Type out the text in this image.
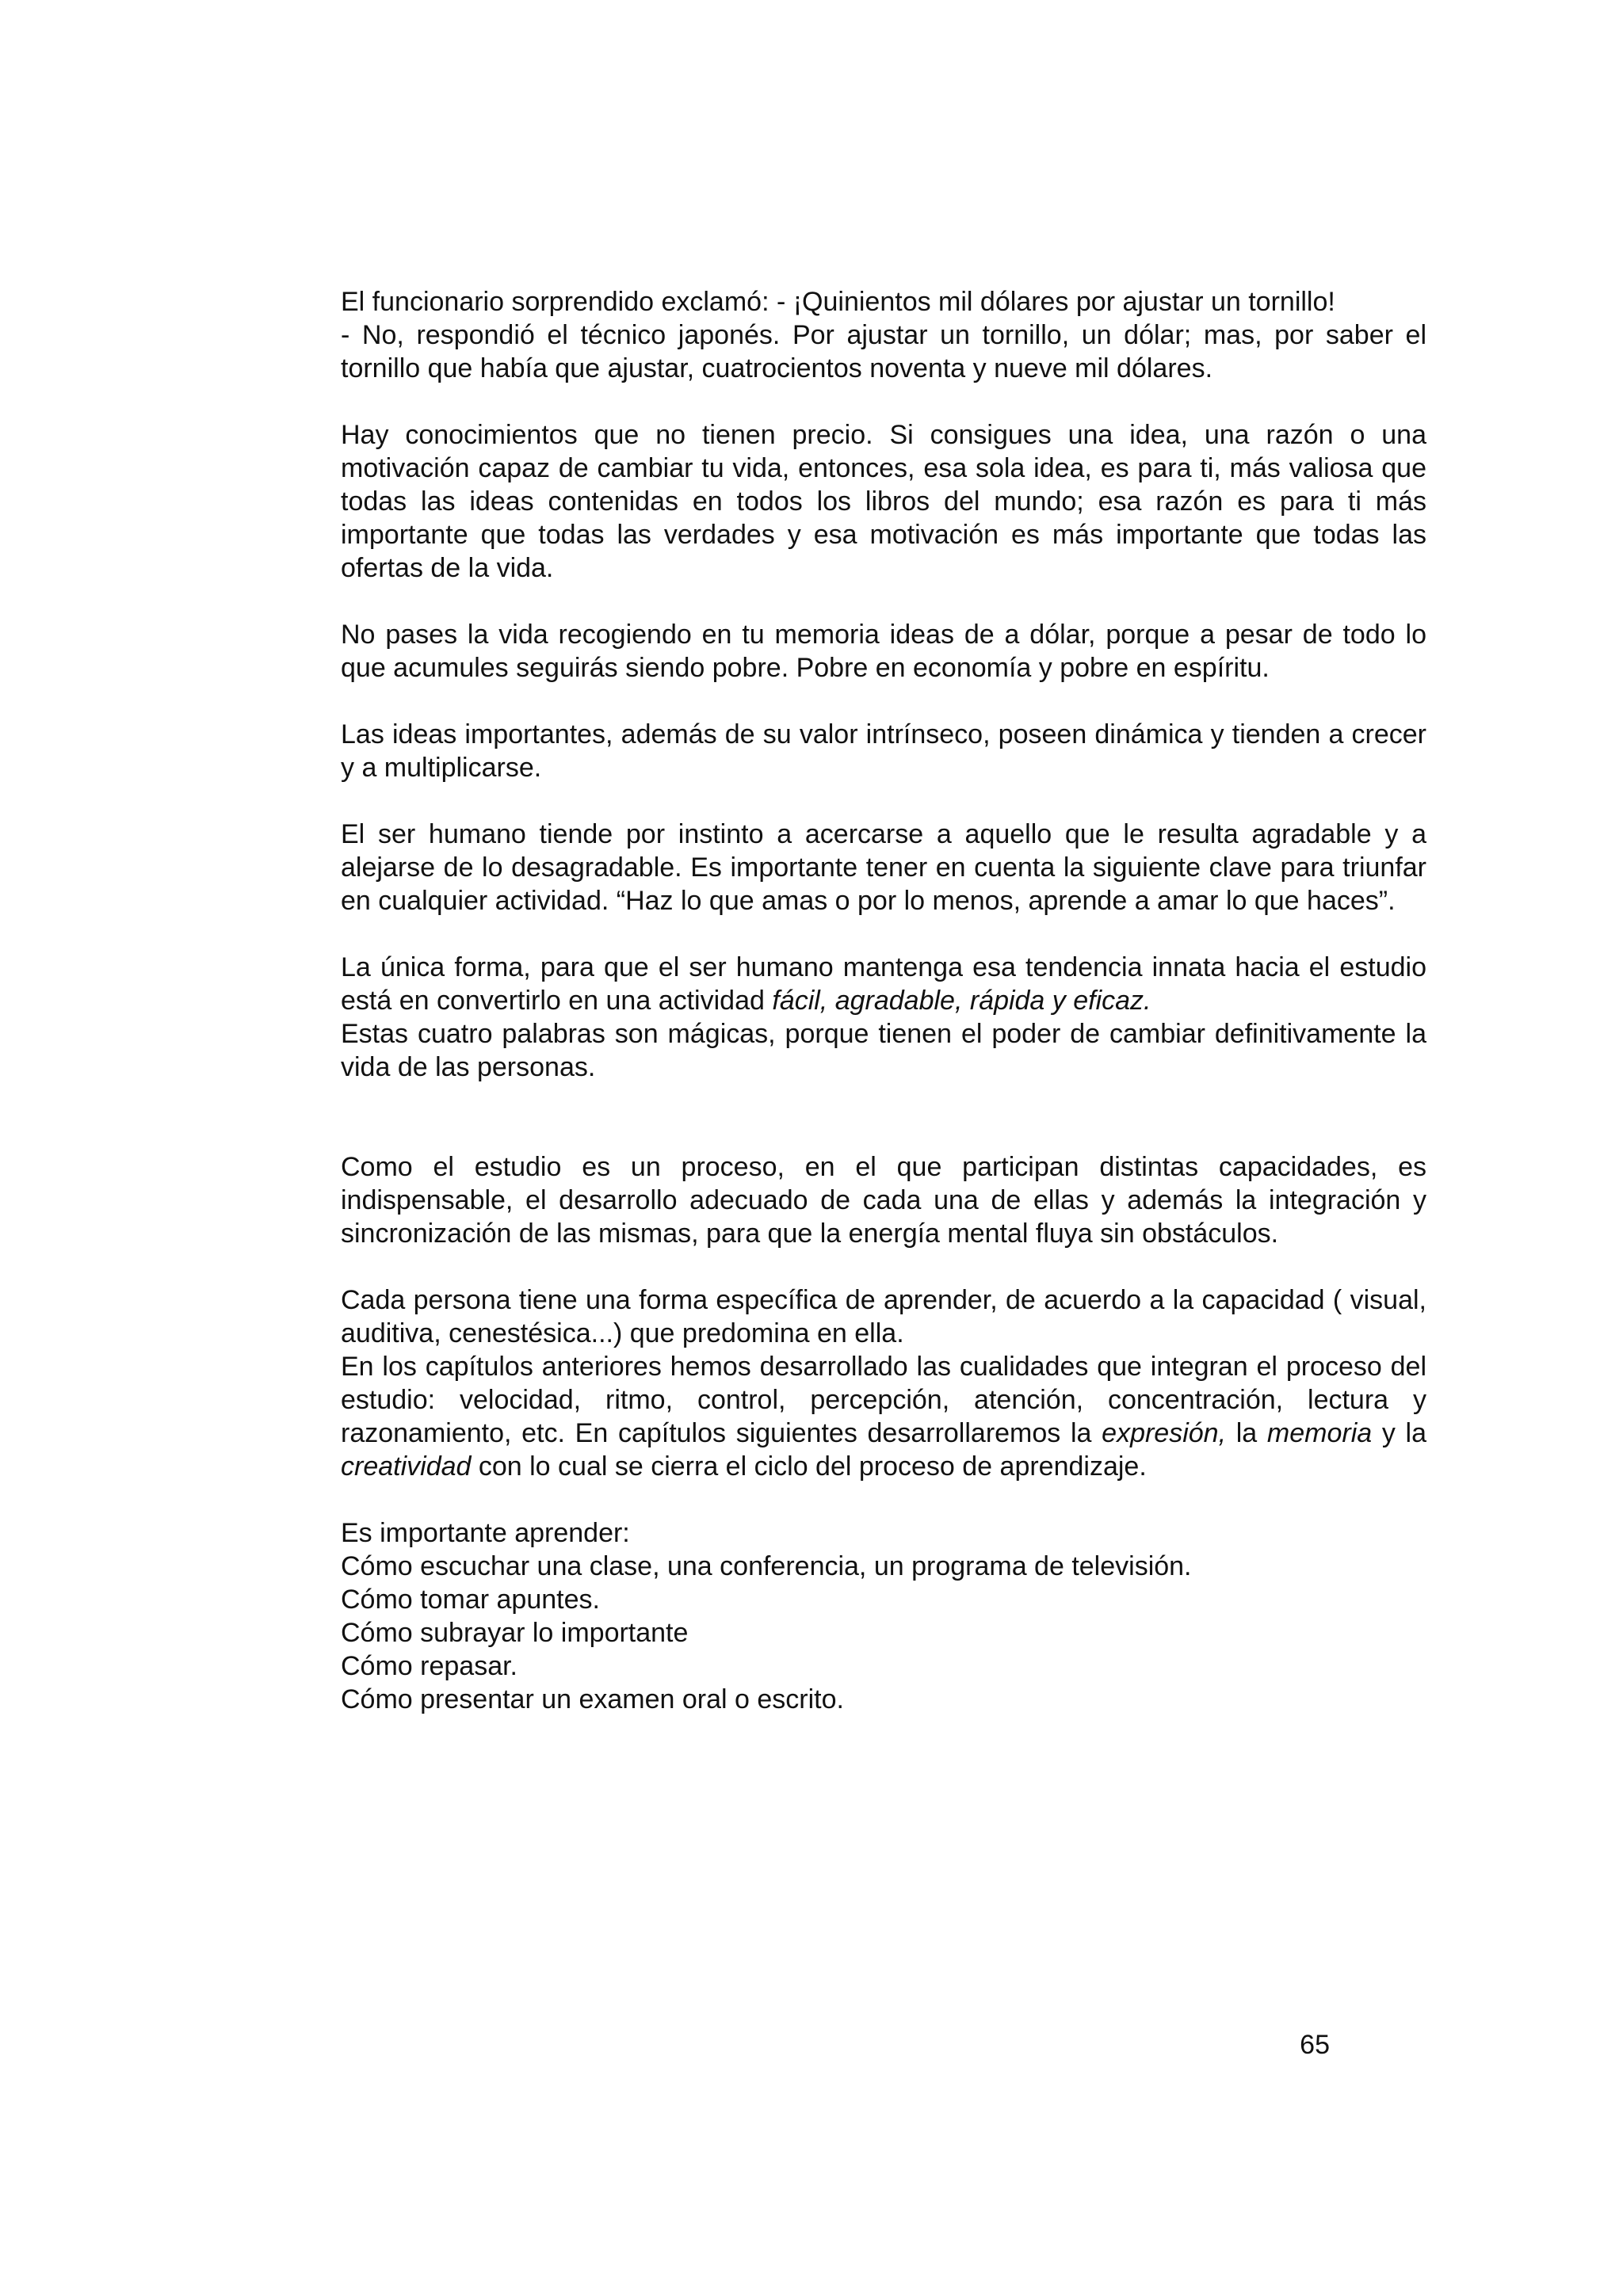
El funcionario sorprendido exclamó: - ¡Quinientos mil dólares por ajustar un tornillo!

- No, respondió el técnico japonés. Por ajustar un tornillo, un dólar; mas, por saber el tornillo que había que ajustar, cuatrocientos noventa y nueve mil dólares.

Hay conocimientos que no tienen precio. Si consigues una idea, una razón o una motivación capaz de cambiar tu vida, entonces, esa sola idea, es para ti, más valiosa que todas las ideas contenidas en todos los libros del mundo; esa razón es para ti más importante que todas las verdades y esa motivación es más importante que todas las ofertas de la vida.

No pases la vida recogiendo en tu memoria ideas de a dólar, porque a pesar de todo lo que acumules seguirás siendo pobre. Pobre en economía y pobre en espíritu.

Las ideas importantes, además de su valor intrínseco, poseen dinámica y tienden a crecer y a multiplicarse.

El ser humano tiende por instinto a acercarse a aquello que le resulta agradable y a alejarse de lo desagradable. Es importante tener en cuenta la siguiente clave para triunfar en cualquier actividad. “Haz lo que amas o por lo menos, aprende a amar lo que haces”.

La única forma, para que el ser humano mantenga esa tendencia innata hacia el estudio está en convertirlo en una actividad fácil, agradable, rápida y eficaz.

Estas cuatro palabras son mágicas, porque tienen el poder de cambiar definitivamente la vida de las personas.

Como el estudio es un proceso, en el que participan distintas capacidades, es indispensable, el desarrollo adecuado de cada una de ellas y además la integración y sincronización de las mismas, para que la energía mental fluya sin obstáculos.

Cada persona tiene una forma específica de aprender, de acuerdo a la capacidad ( visual, auditiva, cenestésica...) que predomina en ella.

En los capítulos anteriores hemos desarrollado las cualidades que integran el proceso del estudio: velocidad, ritmo, control, percepción, atención, concentración, lectura y razonamiento, etc. En capítulos siguientes desarrollaremos la expresión, la memoria y la creatividad con lo cual se cierra el ciclo del proceso de aprendizaje.

Es importante aprender:
Cómo escuchar una clase, una conferencia, un programa de televisión.
Cómo tomar apuntes.
Cómo subrayar lo importante
Cómo repasar.
Cómo presentar un examen oral o escrito.
65
